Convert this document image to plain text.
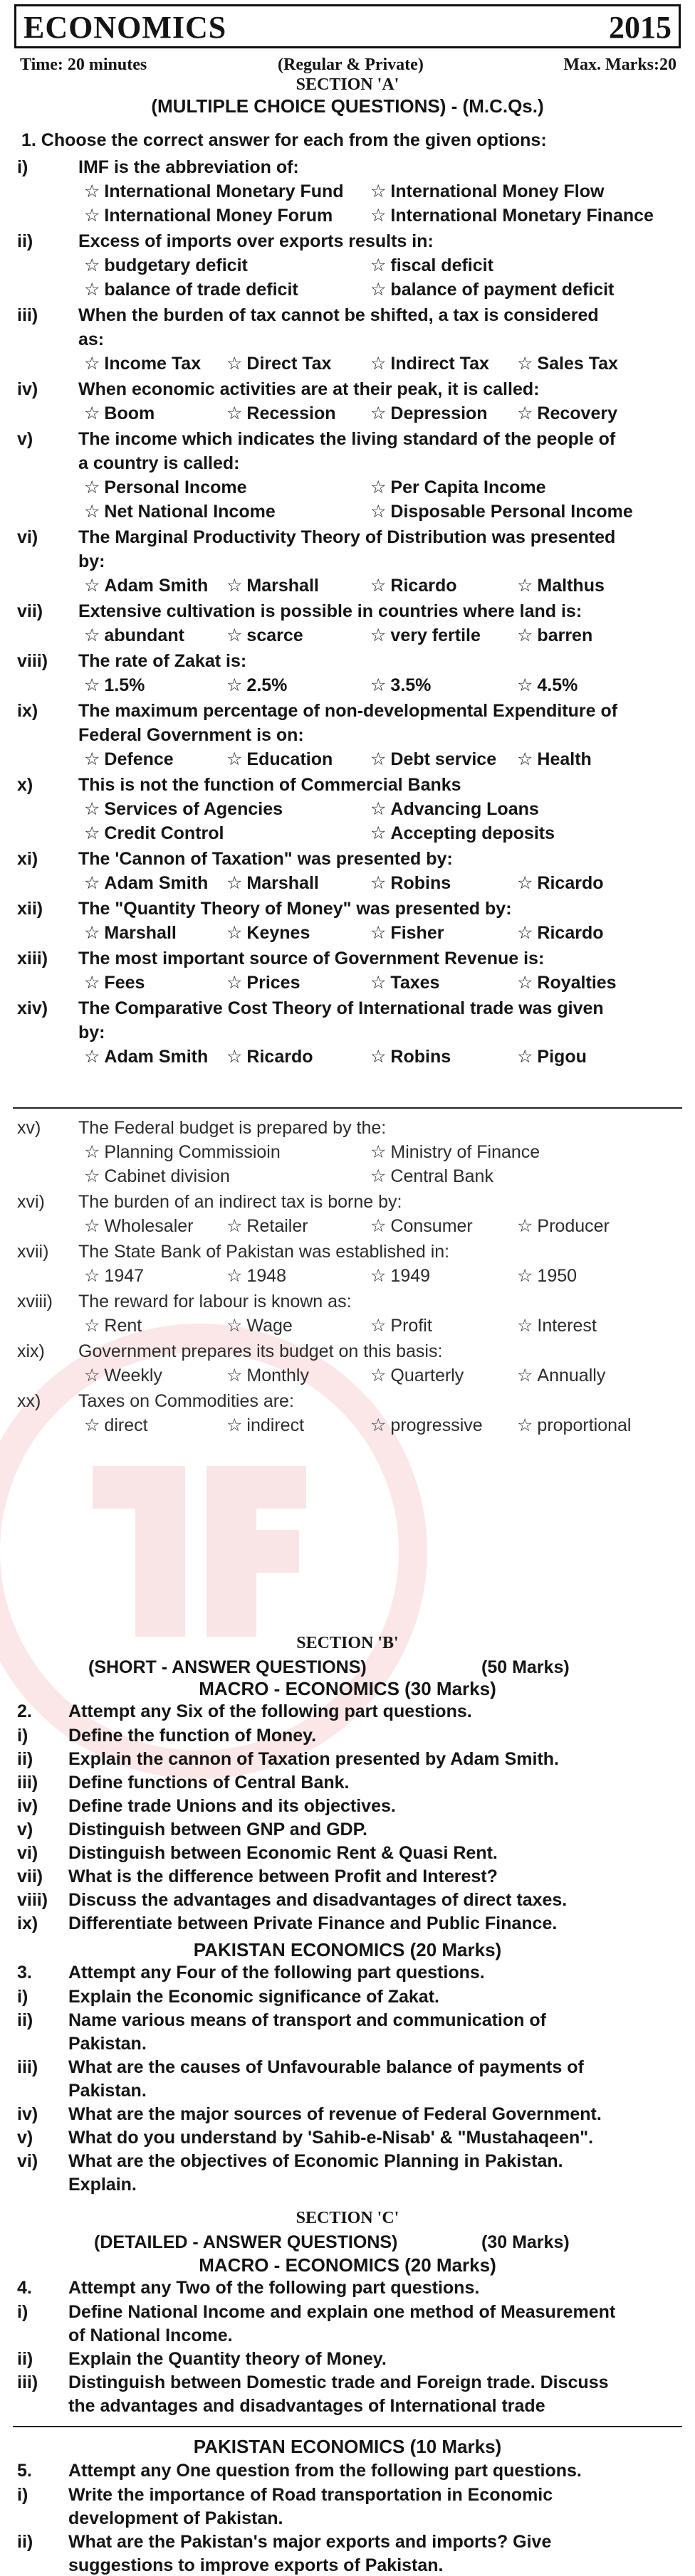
ECONOMICS	2015
Time: 20 minutes	(Regular & Private)	Max. Marks:20
SECTION 'A'
(MULTIPLE CHOICE QUESTIONS) - (M.C.Qs.)
1. Choose the correct answer for each from the given options:
i)	IMF is the abbreviation of:
☆ International Monetary Fund ☆ International Money Flow
☆ International Money Forum ☆ International Monetary Finance
ii)	Excess of imports over exports results in:
☆ budgetary deficit	☆ fiscal deficit
☆ balance of trade deficit	☆ balance of payment deficit
iii) When the burden of tax cannot be shifted, a tax is considered
as:
☆ Income Tax ☆ Direct Tax ☆ Indirect Tax ☆ Sales Tax
iv) When economic activities are at their peak, it is called:
☆ Boom	☆ Recession ☆ Depression ☆ Recovery
v)	The income which indicates the living standard of the people of
a country is called:
☆ Personal Income	☆ Per Capita Income
☆ Net National Income	☆ Disposable Personal Income
vi) The Marginal Productivity Theory of Distribution was presented
by:
☆ Adam Smith ☆ Marshall	☆ Ricardo	☆ Malthus
vii) Extensive cultivation is possible in countries where land is:
☆ abundant ☆ scarce	☆ very fertile ☆ barren
viii) The rate of Zakat is:
☆ 1.5%	☆ 2.5%	☆ 3.5%	☆ 4.5%
ix) The maximum percentage of non-developmental Expenditure of
Federal Government is on:
☆ Defence	☆ Education ☆ Debt service ☆ Health
x)	This is not the function of Commercial Banks
☆ Services of Agencies	☆ Advancing Loans
☆ Credit Control	☆ Accepting deposits
xi) The 'Cannon of Taxation" was presented by:
☆ Adam Smith ☆ Marshall	☆ Robins	☆ Ricardo
xii) The "Quantity Theory of Money" was presented by:
☆ Marshall	☆ Keynes	☆ Fisher	☆ Ricardo
xiii) The most important source of Government Revenue is:
☆ Fees	☆ Prices	☆ Taxes	☆ Royalties
xiv) The Comparative Cost Theory of International trade was given
by:
☆ Adam Smith ☆ Ricardo	☆ Robins	☆ Pigou
xv) The Federal budget is prepared by the:
☆ Planning Commissioin	☆ Ministry of Finance
☆ Cabinet division	☆ Central Bank
xvi) The burden of an indirect tax is borne by:
☆ Wholesaler ☆ Retailer	☆ Consumer ☆ Producer
xvii) The State Bank of Pakistan was established in:
☆ 1947	☆ 1948	☆ 1949	☆ 1950
xviii) The reward for labour is known as:
☆ Rent	☆ Wage	☆ Profit	☆ Interest
xix) Government prepares its budget on this basis:
☆ Weekly	☆ Monthly	☆ Quarterly	☆ Annually
xx) Taxes on Commodities are:
☆ direct	☆ indirect	☆ progressive ☆ proportional
SECTION 'B'
(SHORT - ANSWER QUESTIONS)	(50 Marks)
MACRO - ECONOMICS (30 Marks)
2. Attempt any Six of the following part questions.
i) Define the function of Money.
ii) Explain the cannon of Taxation presented by Adam Smith.
iii) Define functions of Central Bank.
iv) Define trade Unions and its objectives.
v) Distinguish between GNP and GDP.
vi) Distinguish between Economic Rent & Quasi Rent.
vii) What is the difference between Profit and Interest?
viii) Discuss the advantages and disadvantages of direct taxes.
ix) Differentiate between Private Finance and Public Finance.
PAKISTAN ECONOMICS (20 Marks)
3. Attempt any Four of the following part questions.
i) Explain the Economic significance of Zakat.
ii) Name various means of transport and communication of
Pakistan.
iii) What are the causes of Unfavourable balance of payments of
Pakistan.
iv) What are the major sources of revenue of Federal Government.
v) What do you understand by 'Sahib-e-Nisab' & "Mustahaqeen".
vi) What are the objectives of Economic Planning in Pakistan.
Explain.
SECTION 'C'
(DETAILED - ANSWER QUESTIONS)	(30 Marks)
MACRO - ECONOMICS (20 Marks)
4. Attempt any Two of the following part questions.
i) Define National Income and explain one method of Measurement
of National Income.
ii) Explain the Quantity theory of Money.
iii) Distinguish between Domestic trade and Foreign trade. Discuss
the advantages and disadvantages of International trade
PAKISTAN ECONOMICS (10 Marks)
5. Attempt any One question from the following part questions.
i) Write the importance of Road transportation in Economic
development of Pakistan.
ii) What are the Pakistan's major exports and imports? Give
suggestions to improve exports of Pakistan.
